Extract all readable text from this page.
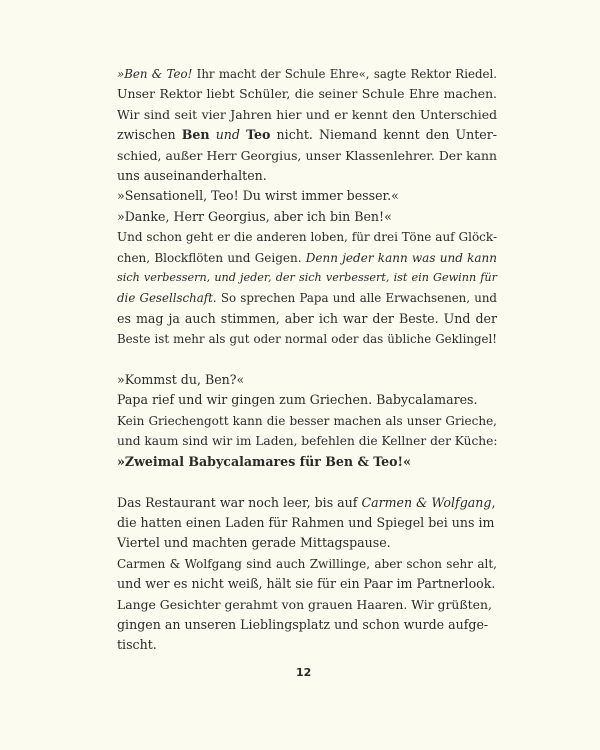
»Ben & Teo! Ihr macht der Schule Ehre«, sagte Rektor Riedel.
Unser Rektor liebt Schüler, die seiner Schule Ehre machen.
Wir sind seit vier Jahren hier und er kennt den Unterschied
zwischen Ben und Teo nicht. Niemand kennt den Unter-
schied, außer Herr Georgius, unser Klassenlehrer. Der kann
uns auseinanderhalten.
»Sensationell, Teo! Du wirst immer besser.«
»Danke, Herr Georgius, aber ich bin Ben!«
Und schon geht er die anderen loben, für drei Töne auf Glöck-
chen, Blockflöten und Geigen. Denn jeder kann was und kann
sich verbessern, und jeder, der sich verbessert, ist ein Gewinn für
die Gesellschaft. So sprechen Papa und alle Erwachsenen, und
es mag ja auch stimmen, aber ich war der Beste. Und der
Beste ist mehr als gut oder normal oder das übliche Geklingel!
»Kommst du, Ben?«
Papa rief und wir gingen zum Griechen. Babycalamares.
Kein Griechengott kann die besser machen als unser Grieche,
und kaum sind wir im Laden, befehlen die Kellner der Küche:
»Zweimal Babycalamares für Ben & Teo!«
Das Restaurant war noch leer, bis auf Carmen & Wolfgang,
die hatten einen Laden für Rahmen und Spiegel bei uns im
Viertel und machten gerade Mittagspause.
Carmen & Wolfgang sind auch Zwillinge, aber schon sehr alt,
und wer es nicht weiß, hält sie für ein Paar im Partnerlook.
Lange Gesichter gerahmt von grauen Haaren. Wir grüßten,
gingen an unseren Lieblingsplatz und schon wurde aufge-
tischt.
12
